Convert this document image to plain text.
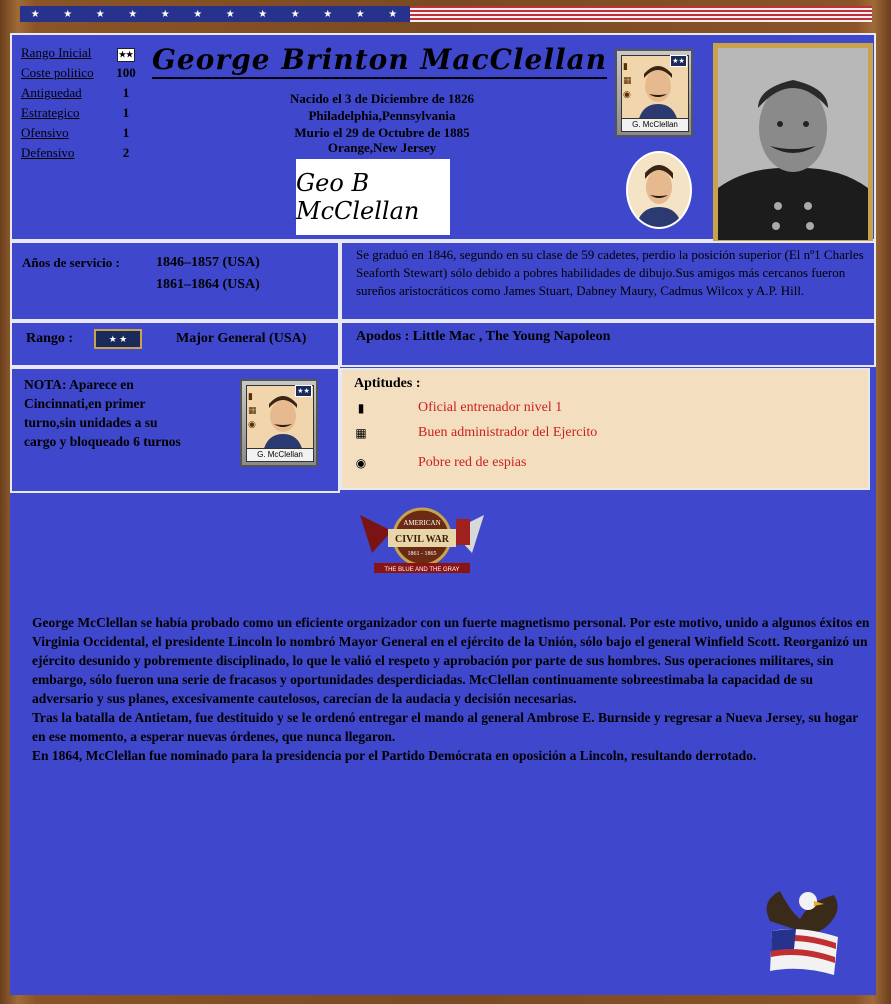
★ ★ ★ ★ ★ ★ ★ ★ ★ ★ ★ ★
Rango Inicial	★★
Coste politico 100
Antiguedad	1
Estrategico	1
Ofensivo	1
Defensivo	2
George Brinton MacClellan
Nacido el 3 de Diciembre de 1826
Philadelphia,Pennsylvania
Murio el 29 de Octubre de 1885
Orange,New Jersey
Geo B McClellan
▮
▦
◉
★★
G. McClellan
Años de servicio :	1846–1857 (USA)
1861–1864 (USA)
Se graduó en 1846, segundo en su clase de 59 cadetes, perdio la posición superior (El nº1 Charles Seaforth Stewart) sólo debido a pobres habilidades de dibujo.Sus amigos más cercanos fueron sureños aristocráticos como James Stuart, Dabney Maury, Cadmus Wilcox y A.P. Hill.
Rango :	★ ★	Major General (USA)	Apodos : Little Mac , The Young Napoleon
NOTA: Aparece en Cincinnati,en primer turno,sin unidades a su cargo y bloqueado 6 turnos
▮
▦
◉
★★
G. McClellan
Aptitudes :
▮	Oficial entrenador nivel 1
▦	Buen administrador del Ejercito
◉	Pobre red de espias
AMERICAN
CIVIL WAR
1861 - 1865
THE BLUE AND THE GRAY

George McClellan se había probado como un eficiente organizador con un fuerte magnetismo personal. Por este motivo, unido a algunos éxitos en Virginia Occidental, el presidente Lincoln lo nombró Mayor General en el ejército de la Unión, sólo bajo el general Winfield Scott. Reorganizó un ejército desunido y pobremente disciplinado, lo que le valió el respeto y aprobación por parte de sus hombres. Sus operaciones militares, sin embargo, sólo fueron una serie de fracasos y oportunidades desperdiciadas. McClellan continuamente sobreestimaba la capacidad de su adversario y sus planes, excesivamente cautelosos, carecían de la audacia y decisión necesarias.

Tras la batalla de Antietam, fue destituido y se le ordenó entregar el mando al general Ambrose E. Burnside y regresar a Nueva Jersey, su hogar en ese momento, a esperar nuevas órdenes, que nunca llegaron.

En 1864, McClellan fue nominado para la presidencia por el Partido Demócrata en oposición a Lincoln, resultando derrotado.
